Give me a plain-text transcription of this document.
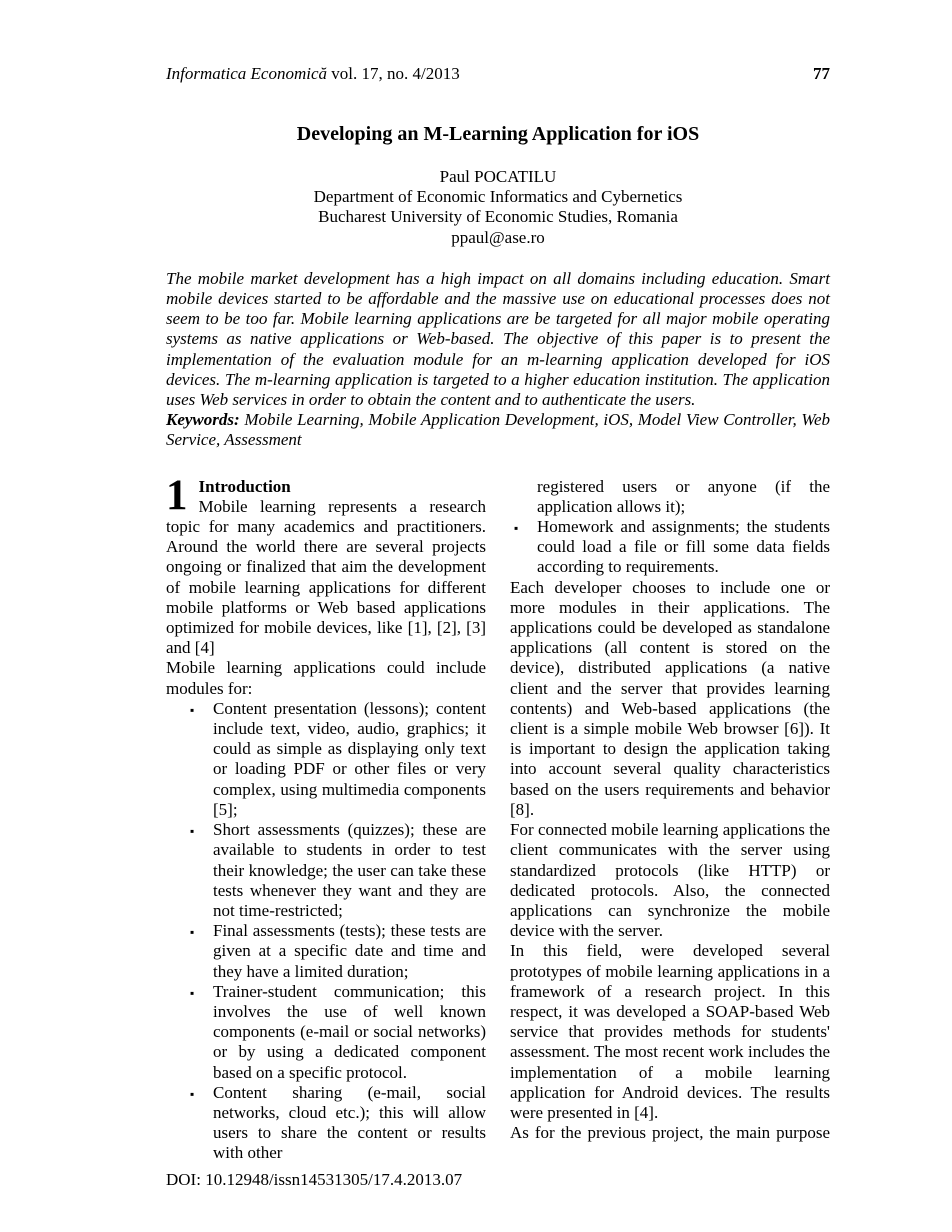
Informatica Economică vol. 17, no. 4/2013	77
Developing an M-Learning Application for iOS
Paul POCATILU
Department of Economic Informatics and Cybernetics
Bucharest University of Economic Studies, Romania
ppaul@ase.ro

The mobile market development has a high impact on all domains including education. Smart mobile devices started to be affordable and the massive use on educational processes does not seem to be too far. Mobile learning applications are be targeted for all major mobile operating systems as native applications or Web-based. The objective of this paper is to present the implementation of the evaluation module for an m-learning application developed for iOS devices. The m-learning application is targeted to a higher education institution. The application uses Web services in order to obtain the content and to authenticate the users.

Keywords: Mobile Learning, Mobile Application Development, iOS, Model View Controller, Web Service, Assessment

1 Introduction
Mobile learning represents a research topic for many academics and practitioners. Around the world there are several projects ongoing or finalized that aim the development of mobile learning applications for different mobile platforms or Web based applications optimized for mobile devices, like [1], [2], [3] and [4]
Mobile learning applications could include modules for:
▪ Content presentation (lessons); content include text, video, audio, graphics; it could as simple as displaying only text or loading PDF or other files or very complex, using multimedia components [5];
▪ Short assessments (quizzes); these are available to students in order to test their knowledge; the user can take these tests whenever they want and they are not time-restricted;
▪ Final assessments (tests); these tests are given at a specific date and time and they have a limited duration;
▪ Trainer-student communication; this involves the use of well known components (e-mail or social networks) or by using a dedicated component based on a specific protocol.
▪ Content sharing (e-mail, social networks, cloud etc.); this will allow users to share the content or results with other
registered users or anyone (if the application allows it);
▪ Homework and assignments; the students could load a file or fill some data fields according to requirements.
Each developer chooses to include one or more modules in their applications. The applications could be developed as standalone applications (all content is stored on the device), distributed applications (a native client and the server that provides learning contents) and Web-based applications (the client is a simple mobile Web browser [6]). It is important to design the application taking into account several quality characteristics based on the users requirements and behavior [8].
For connected mobile learning applications the client communicates with the server using standardized protocols (like HTTP) or dedicated protocols. Also, the connected applications can synchronize the mobile device with the server.
In this field, were developed several prototypes of mobile learning applications in a framework of a research project. In this respect, it was developed a SOAP-based Web service that provides methods for students' assessment. The most recent work includes the implementation of a mobile learning application for Android devices. The results were presented in [4].
As for the previous project, the main purpose
DOI: 10.12948/issn14531305/17.4.2013.07
